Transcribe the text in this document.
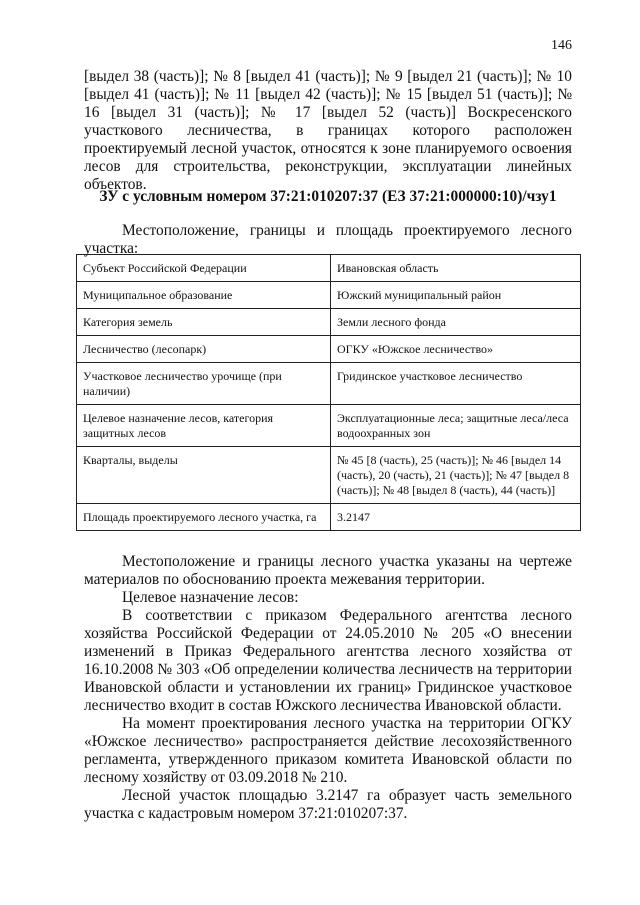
146
[выдел 38 (часть)]; № 8 [выдел 41 (часть)]; № 9 [выдел 21 (часть)]; № 10 [выдел 41 (часть)]; № 11 [выдел 42 (часть)]; № 15 [выдел 51 (часть)]; № 16 [выдел 31 (часть)]; № 17 [выдел 52 (часть)] Воскресенского участкового лесничества, в границах которого расположен проектируемый лесной участок, относятся к зоне планируемого освоения лесов для строительства, реконструкции, эксплуатации линейных объектов.
ЗУ с условным номером 37:21:010207:37 (ЕЗ 37:21:000000:10)/чзу1
Местоположение, границы и площадь проектируемого лесного участка:
Субъект Российской Федерации	Ивановская область
Муниципальное образование	Южский муниципальный район
Категория земель	Земли лесного фонда
Лесничество (лесопарк)	ОГКУ «Южское лесничество»
Участковое лесничество урочище (при наличии)	Гридинское участковое лесничество
Целевое назначение лесов, категория защитных лесов	Эксплуатационные леса; защитные леса/леса водоохранных зон
Кварталы, выделы	№ 45 [8 (часть), 25 (часть)]; № 46 [выдел 14 (часть), 20 (часть), 21 (часть)]; № 47 [выдел 8 (часть)]; № 48 [выдел 8 (часть), 44 (часть)]
Площадь проектируемого лесного участка, га	3.2147

Местоположение и границы лесного участка указаны на чертеже материалов по обоснованию проекта межевания территории.

Целевое назначение лесов:

В соответствии с приказом Федерального агентства лесного хозяйства Российской Федерации от 24.05.2010 № 205 «О внесении изменений в Приказ Федерального агентства лесного хозяйства от 16.10.2008 № 303 «Об определении количества лесничеств на территории Ивановской области и установлении их границ» Гридинское участковое лесничество входит в состав Южского лесничества Ивановской области.

На момент проектирования лесного участка на территории ОГКУ «Южское лесничество» распространяется действие лесохозяйственного регламента, утвержденного приказом комитета Ивановской области по лесному хозяйству от 03.09.2018 № 210.

Лесной участок площадью 3.2147 га образует часть земельного участка с кадастровым номером 37:21:010207:37.
